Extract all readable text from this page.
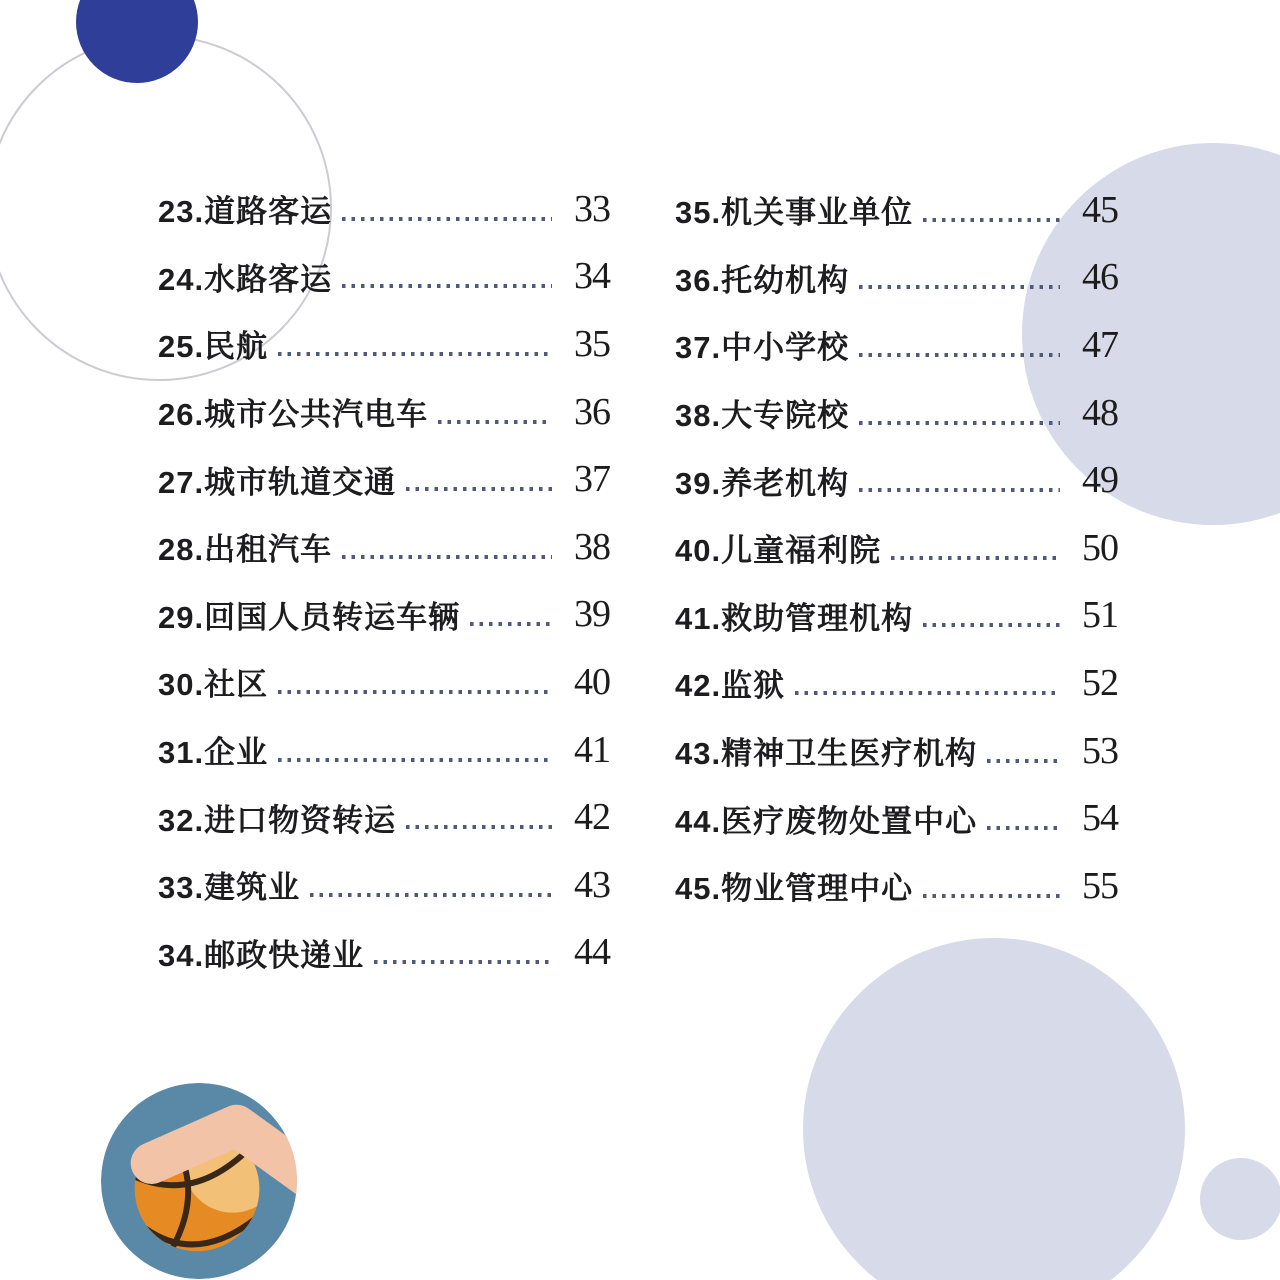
23.道路客运	33
24.水路客运	34
25.民航	35
26.城市公共汽电车	36
27.城市轨道交通	37
28.出租汽车	38
29.回国人员转运车辆	39
30.社区	40
31.企业	41
32.进口物资转运	42
33.建筑业	43
34.邮政快递业	44
35.机关事业单位	45
36.托幼机构	46
37.中小学校	47
38.大专院校	48
39.养老机构	49
40.儿童福利院	50
41.救助管理机构	51
42.监狱	52
43.精神卫生医疗机构	53
44.医疗废物处置中心	54
45.物业管理中心	55
